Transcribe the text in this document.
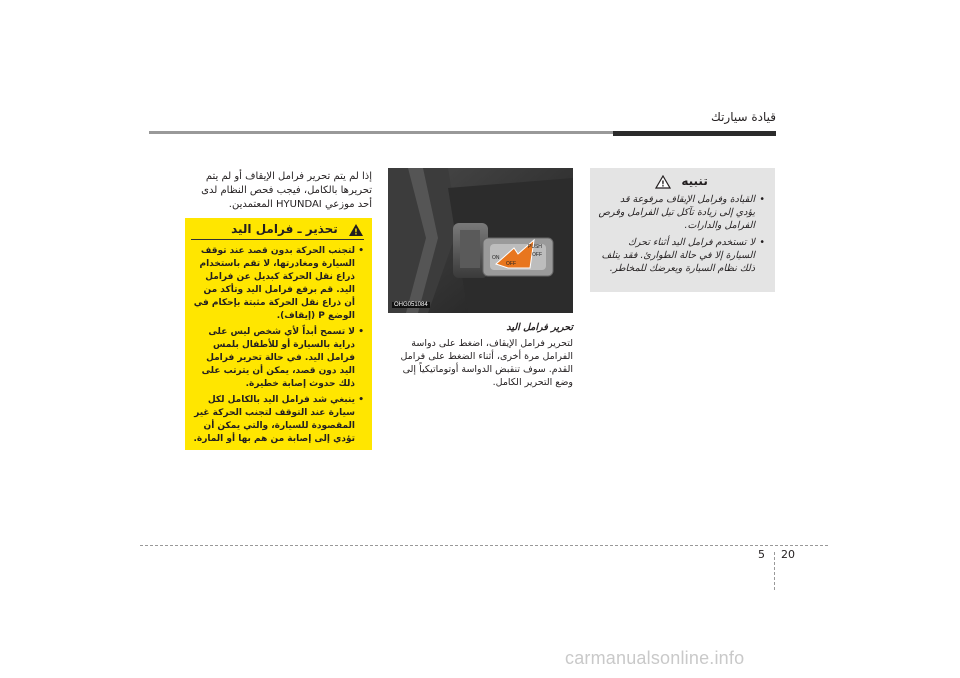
قيادة سيارتك
تنبيه
!
• القيادة وفرامل الإيقاف مرفوعة قد يؤدي إلى زيادة تآكل تيل الفرامل وقرص الفرامل والدارات.
• لا تستخدم فرامل اليد أثناء تحرك السيارة إلا في حالة الطوارئ. فقد يتلف ذلك نظام السيارة ويعرضك للمخاطر.
ON
OFF
PUSH
OFF
OHG051084
تحرير فرامل اليد
لتحرير فرامل الإيقاف، اضغط على دواسة الفرامل مرة أخرى، أثناء الضغط على فرامل القدم. سوف تنقبض الدواسة أوتوماتيكياً إلى وضع التحرير الكامل.
إذا لم يتم تحرير فرامل الإيقاف أو لم يتم تحريرها بالكامل، فيجب فحص النظام لدى أحد موزعي HYUNDAI المعتمدين.
!
تحذير ـ فرامل اليد
• لتجنب الحركة بدون قصد عند توقف السيارة ومغادرتها، لا تقم باستخدام ذراع نقل الحركة كبديل عن فرامل اليد. قم برفع فرامل اليد وتأكد من أن ذراع نقل الحركة مثبتة بإحكام في الوضع P (إيقاف).
• لا تسمح أبداً لأي شخص ليس على دراية بالسيارة أو للأطفال بلمس فرامل اليد. في حالة تحرير فرامل اليد دون قصد، يمكن أن يترتب على ذلك حدوث إصابة خطيرة.
• ينبغي شد فرامل اليد بالكامل لكل سيارة عند التوقف لتجنب الحركة غير المقصودة للسيارة، والتي يمكن أن تؤدي إلى إصابة من هم بها أو المارة.
5 20
carmanualsonline.info
